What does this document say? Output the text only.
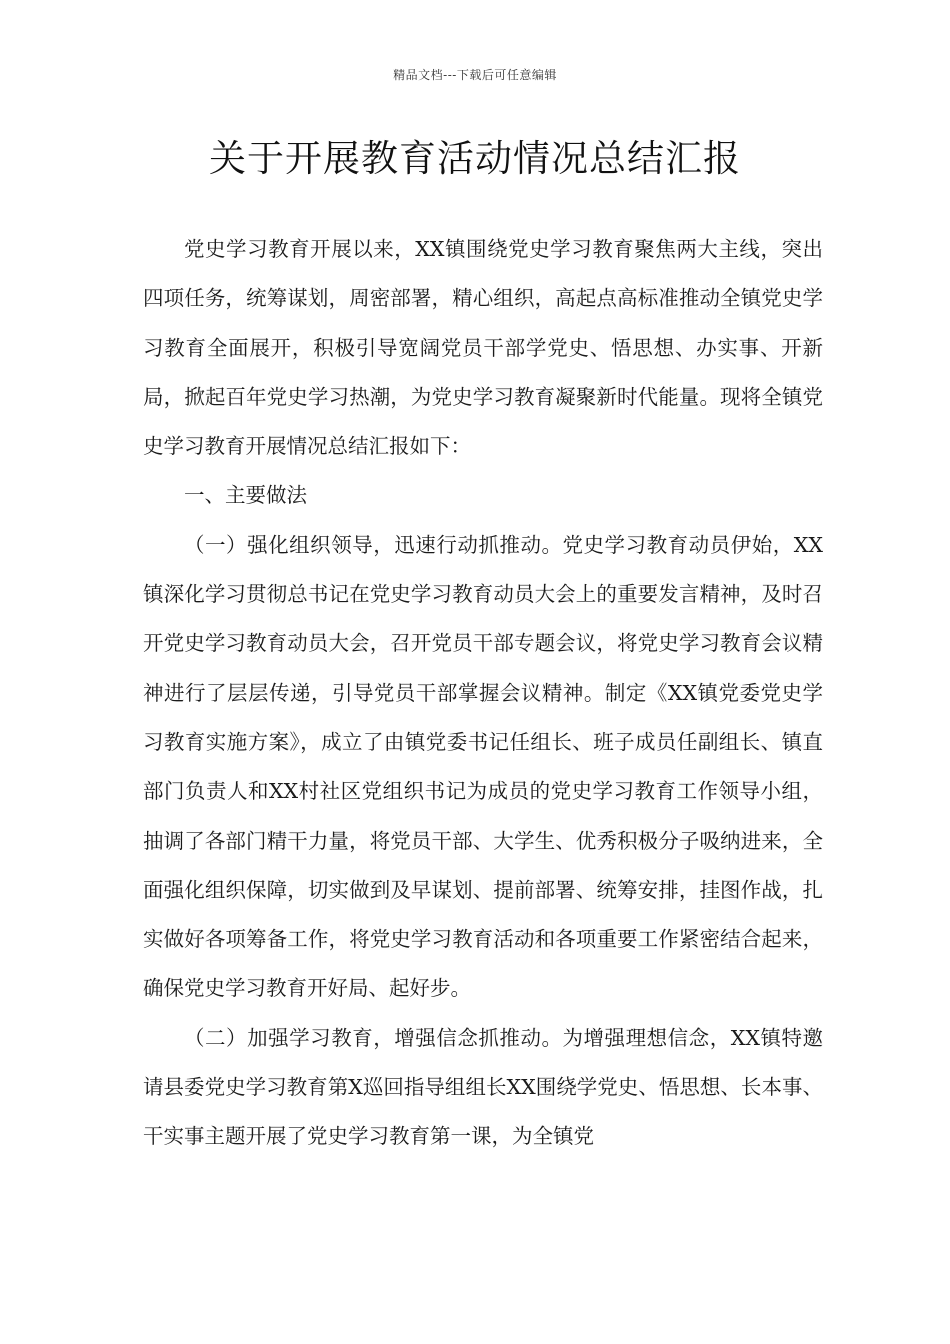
精品文档---下载后可任意编辑
关于开展教育活动情况总结汇报

党史学习教育开展以来，XX镇围绕党史学习教育聚焦两大主线，突出四项任务，统筹谋划，周密部署，精心组织，高起点高标准推动全镇党史学习教育全面展开，积极引导宽阔党员干部学党史、悟思想、办实事、开新局，掀起百年党史学习热潮，为党史学习教育凝聚新时代能量。现将全镇党史学习教育开展情况总结汇报如下：

一、主要做法

（一）强化组织领导，迅速行动抓推动。党史学习教育动员伊始，XX镇深化学习贯彻总书记在党史学习教育动员大会上的重要发言精神，及时召开党史学习教育动员大会，召开党员干部专题会议，将党史学习教育会议精神进行了层层传递，引导党员干部掌握会议精神。制定《XX镇党委党史学习教育实施方案》，成立了由镇党委书记任组长、班子成员任副组长、镇直部门负责人和XX村社区党组织书记为成员的党史学习教育工作领导小组，抽调了各部门精干力量，将党员干部、大学生、优秀积极分子吸纳进来，全面强化组织保障，切实做到及早谋划、提前部署、统筹安排，挂图作战，扎实做好各项筹备工作，将党史学习教育活动和各项重要工作紧密结合起来，确保党史学习教育开好局、起好步。

（二）加强学习教育，增强信念抓推动。为增强理想信念，XX镇特邀请县委党史学习教育第X巡回指导组组长XX围绕学党史、悟思想、长本事、干实事主题开展了党史学习教育第一课，为全镇党
